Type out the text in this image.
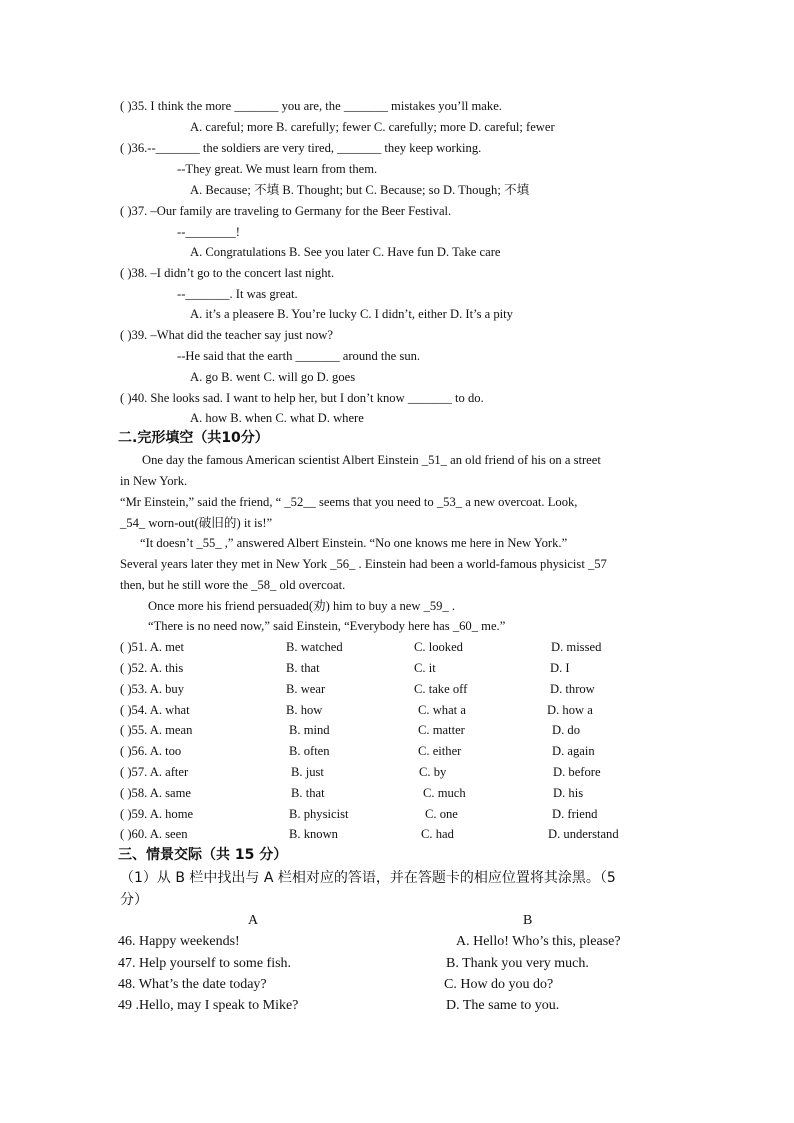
( )35. I think the more _______ you are, the _______ mistakes you’ll make.
A. careful; more B. carefully; fewer C. carefully; more D. careful; fewer
( )36.--_______ the soldiers are very tired, _______ they keep working.
--They great. We must learn from them.
A. Because; 不填 B. Thought; but C. Because; so D. Though; 不填
( )37. –Our family are traveling to Germany for the Beer Festival.
--________!
A. Congratulations B. See you later C. Have fun D. Take care
( )38. –I didn’t go to the concert last night.
--_______. It was great.
A. it’s a pleasere B. You’re lucky C. I didn’t, either D. It’s a pity
( )39. –What did the teacher say just now?
--He said that the earth _______ around the sun.
A. go B. went C. will go D. goes
( )40. She looks sad. I want to help her, but I don’t know _______ to do.
A. how B. when C. what D. where
二.完形填空（共10分）
One day the famous American scientist Albert Einstein _51_ an old friend of his on a street
in New York.
“Mr Einstein,” said the friend, “ _52__ seems that you need to _53_ a new overcoat. Look,
_54_ worn-out(破旧的) it is!”
“It doesn’t _55_ ,” answered Albert Einstein. “No one knows me here in New York.”
Several years later they met in New York _56_ . Einstein had been a world-famous physicist _57
then, but he still wore the _58_ old overcoat.
Once more his friend persuaded(劝) him to buy a new _59_ .
“There is no need now,” said Einstein, “Everybody here has _60_ me.”
( )51. A. met	B. watched	C. looked	D. missed
( )52. A. this	B. that	C. it	D. I
( )53. A. buy	B. wear	C. take off	D. throw
( )54. A. what	B. how	C. what a	D. how a
( )55. A. mean	B. mind	C. matter	D. do
( )56. A. too	B. often	C. either	D. again
( )57. A. after	B. just	C. by	D. before
( )58. A. same	B. that	C. much	D. his
( )59. A. home	B. physicist	C. one	D. friend
( )60. A. seen	B. known	C. had	D. understand
三、情景交际（共 15 分）
（1）从 B 栏中找出与 A 栏相对应的答语，并在答题卡的相应位置将其涂黑。（5
分）
A	B
46. Happy weekends!	A. Hello! Who’s this, please?
47. Help yourself to some fish.	B. Thank you very much.
48. What’s the date today?	C. How do you do?
49 .Hello, may I speak to Mike?	D. The same to you.
